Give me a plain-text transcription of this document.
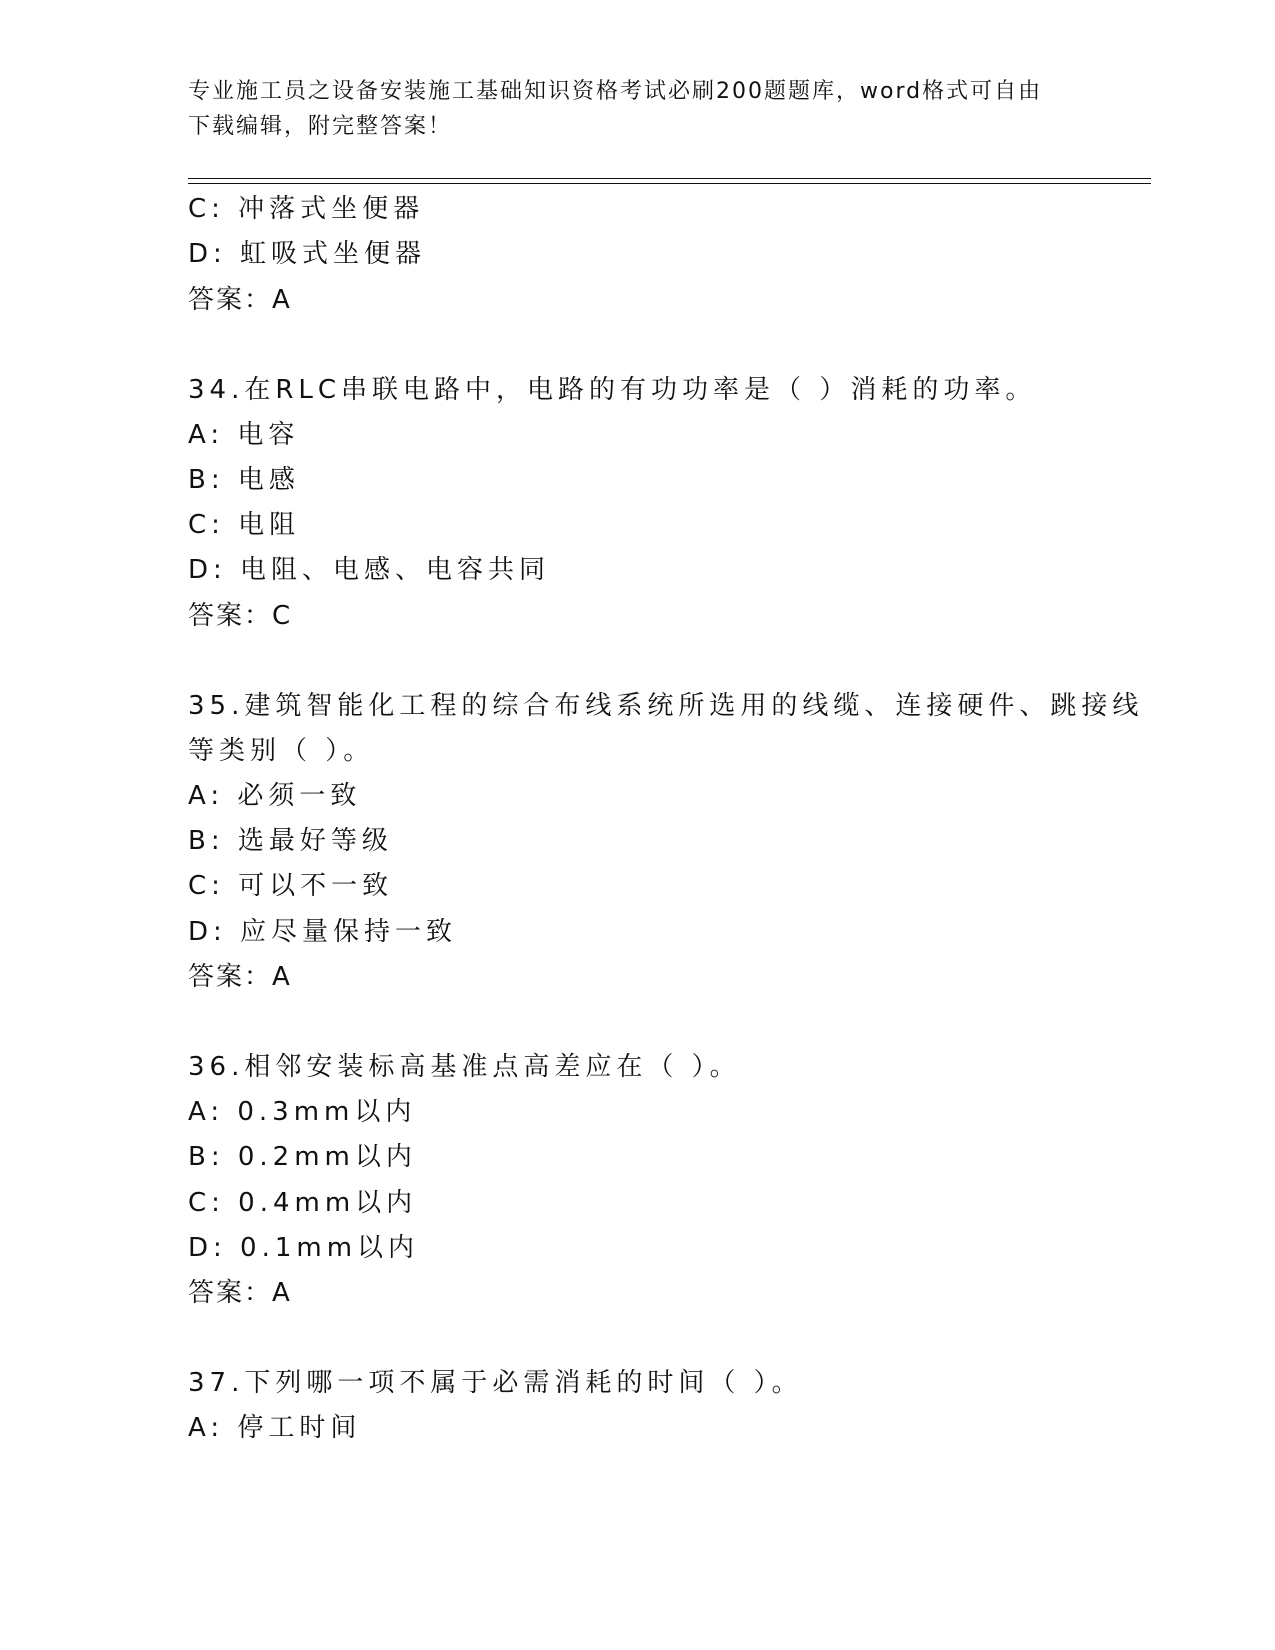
专业施工员之设备安装施工基础知识资格考试必刷200题题库，word格式可自由
下载编辑，附完整答案！
C: 冲落式坐便器
D: 虹吸式坐便器
答案：A
34.在RLC串联电路中，电路的有功功率是（ ）消耗的功率。
A: 电容
B: 电感
C: 电阻
D: 电阻、电感、电容共同
答案：C
35.建筑智能化工程的综合布线系统所选用的线缆、连接硬件、跳接线
等类别（ ）。
A: 必须一致
B: 选最好等级
C: 可以不一致
D: 应尽量保持一致
答案：A
36.相邻安装标高基准点高差应在（ ）。
A: 0.3mm以内
B: 0.2mm以内
C: 0.4mm以内
D: 0.1mm以内
答案：A
37.下列哪一项不属于必需消耗的时间（ ）。
A: 停工时间
